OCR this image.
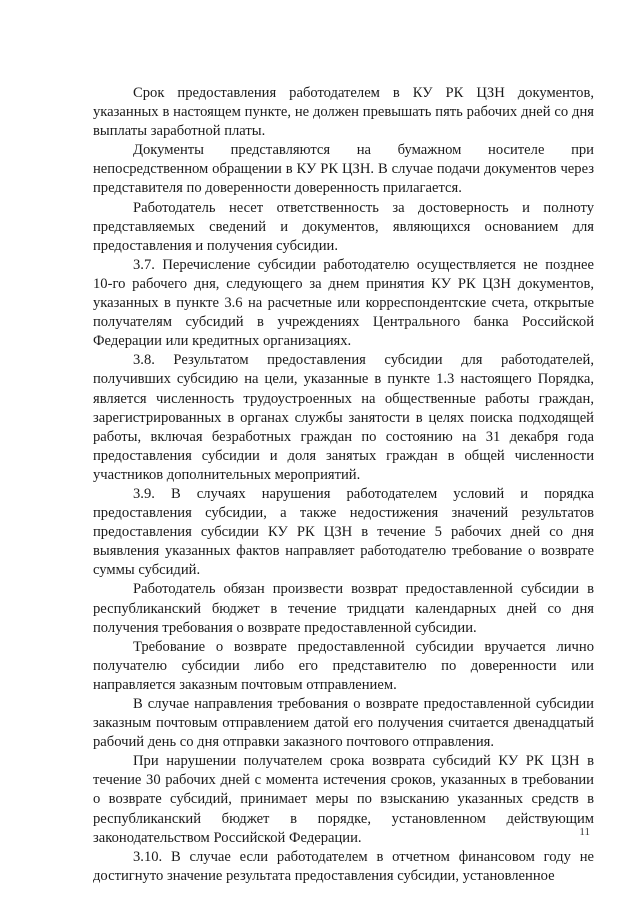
Срок предоставления работодателем в КУ РК ЦЗН документов, указанных в настоящем пункте, не должен превышать пять рабочих дней со дня выплаты заработной платы.

Документы представляются на бумажном носителе при непосредственном обращении в КУ РК ЦЗН. В случае подачи документов через представителя по доверенности доверенность прилагается.

Работодатель несет ответственность за достоверность и полноту представляемых сведений и документов, являющихся основанием для предоставления и получения субсидии.

3.7. Перечисление субсидии работодателю осуществляется не позднее 10-го рабочего дня, следующего за днем принятия КУ РК ЦЗН документов, указанных в пункте 3.6 на расчетные или корреспондентские счета, открытые получателям субсидий в учреждениях Центрального банка Российской Федерации или кредитных организациях.

3.8. Результатом предоставления субсидии для работодателей, получивших субсидию на цели, указанные в пункте 1.3 настоящего Порядка, является численность трудоустроенных на общественные работы граждан, зарегистрированных в органах службы занятости в целях поиска подходящей работы, включая безработных граждан по состоянию на 31 декабря года предоставления субсидии и доля занятых граждан в общей численности участников дополнительных мероприятий.

3.9. В случаях нарушения работодателем условий и порядка предоставления субсидии, а также недостижения значений результатов предоставления субсидии КУ РК ЦЗН в течение 5 рабочих дней со дня выявления указанных фактов направляет работодателю требование о возврате суммы субсидий.

Работодатель обязан произвести возврат предоставленной субсидии в республиканский бюджет в течение тридцати календарных дней со дня получения требования о возврате предоставленной субсидии.

Требование о возврате предоставленной субсидии вручается лично получателю субсидии либо его представителю по доверенности или направляется заказным почтовым отправлением.

В случае направления требования о возврате предоставленной субсидии заказным почтовым отправлением датой его получения считается двенадцатый рабочий день со дня отправки заказного почтового отправления.

При нарушении получателем срока возврата субсидий КУ РК ЦЗН в течение 30 рабочих дней с момента истечения сроков, указанных в требовании о возврате субсидий, принимает меры по взысканию указанных средств в республиканский бюджет в порядке, установленном действующим законодательством Российской Федерации.

3.10. В случае если работодателем в отчетном финансовом году не достигнуто значение результата предоставления субсидии, установленное

11
